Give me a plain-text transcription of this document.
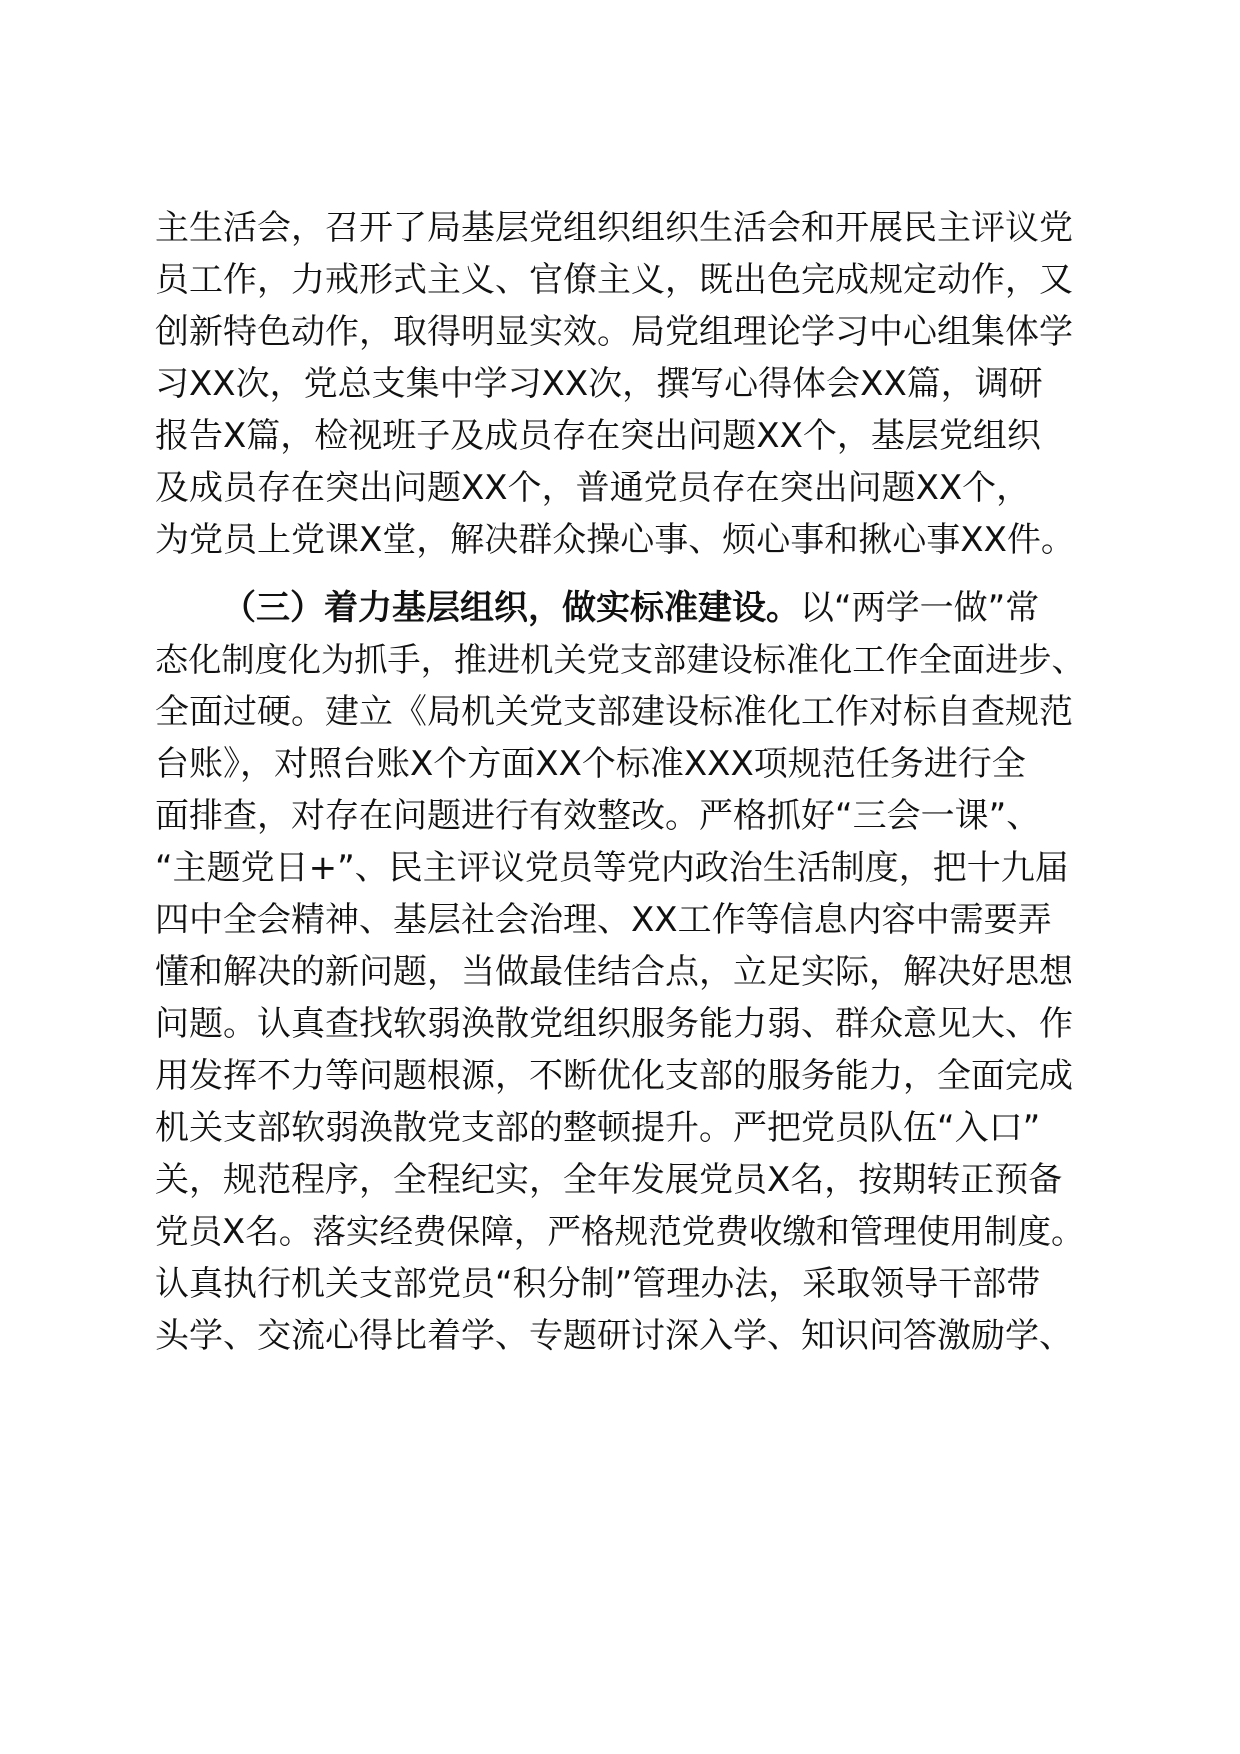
主生活会，召开了局基层党组织组织生活会和开展民主评议党
员工作，力戒形式主义、官僚主义，既出色完成规定动作，又
创新特色动作，取得明显实效。局党组理论学习中心组集体学
习XX次，党总支集中学习XX次，撰写心得体会XX篇，调研
报告X篇，检视班子及成员存在突出问题XX个，基层党组织
及成员存在突出问题XX个，普通党员存在突出问题XX个，
为党员上党课X堂，解决群众操心事、烦心事和揪心事XX件。
（三）着力基层组织，做实标准建设。以“两学一做”常
态化制度化为抓手，推进机关党支部建设标准化工作全面进步、
全面过硬。建立《局机关党支部建设标准化工作对标自查规范
台账》，对照台账X个方面XX个标准XXX项规范任务进行全
面排查，对存在问题进行有效整改。严格抓好“三会一课”、
“主题党日+”、民主评议党员等党内政治生活制度，把十九届
四中全会精神、基层社会治理、XX工作等信息内容中需要弄
懂和解决的新问题，当做最佳结合点，立足实际，解决好思想
问题。认真查找软弱涣散党组织服务能力弱、群众意见大、作
用发挥不力等问题根源，不断优化支部的服务能力，全面完成
机关支部软弱涣散党支部的整顿提升。严把党员队伍“入口”
关，规范程序，全程纪实，全年发展党员X名，按期转正预备
党员X名。落实经费保障，严格规范党费收缴和管理使用制度。
认真执行机关支部党员“积分制”管理办法，采取领导干部带
头学、交流心得比着学、专题研讨深入学、知识问答激励学、
